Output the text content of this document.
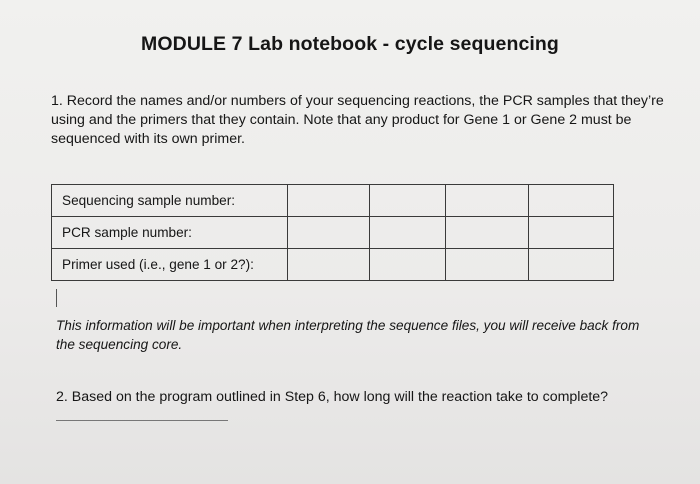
MODULE 7 Lab notebook - cycle sequencing
1. Record the names and/or numbers of your sequencing reactions, the PCR samples that they’re using and the primers that they contain. Note that any product for Gene 1 or Gene 2 must be sequenced with its own primer.
Sequencing sample number:				
PCR sample number:				
Primer used (i.e., gene 1 or 2?):				
This information will be important when interpreting the sequence files, you will receive back from the sequencing core.
2. Based on the program outlined in Step 6, how long will the reaction take to complete?
